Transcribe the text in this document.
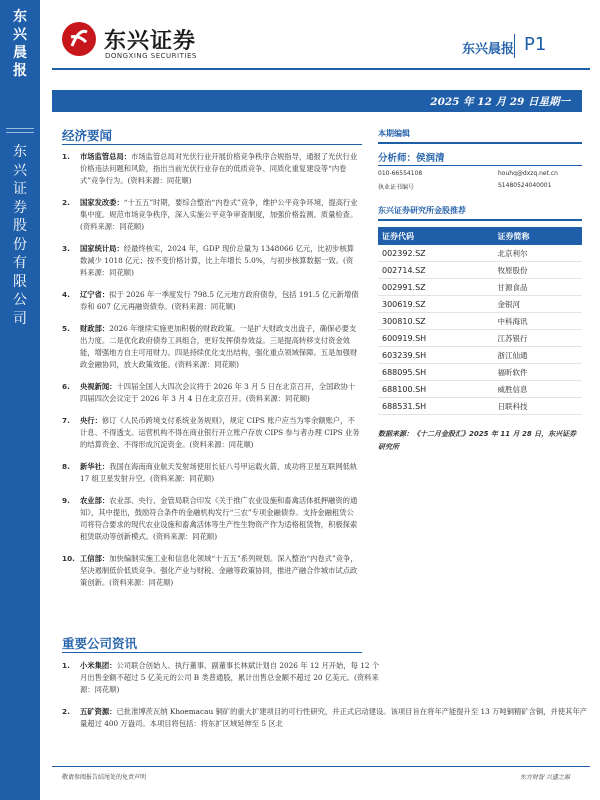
东
兴
晨
报
东
兴
证
券
股
份
有
限
公
司
东兴证券
DONGXING SECURITIES	东兴晨报 P1
2025 年 12 月 29 日星期一
经济要闻
1. 市场监管总局：市场监管总局对光伏行业开展价格竞争秩序合规指导，通报了光伏行业价格违法问题和风险，指出当前光伏行业存在的低质竞争、同质化重复建设等“内卷式”竞争行为。(资料来源：同花顺)
2. 国家发改委：“十五五”时期，要综合整治“内卷式”竞争，维护公平竞争环境，提高行业集中度。规范市场竞争秩序，深入实施公平竞争审查制度，加强价格监测、质量检查。(资料来源：同花顺)
3. 国家统计局：经最终核实，2024 年，GDP 现价总量为 1348066 亿元，比初步核算数减少 1018 亿元；按不变价格计算，比上年增长 5.0%，与初步核算数据一致。(资料来源：同花顺)
4. 辽宁省：拟于 2026 年一季度发行 798.5 亿元地方政府债券，包括 191.5 亿元新增债券和 607 亿元再融资债券。(资料来源：同花顺)
5. 财政部：2026 年继续实施更加积极的财政政策。一是扩大财政支出盘子，确保必要支出力度。二是优化政府债券工具组合，更好发挥债券效益。三是提高转移支付资金效能，增强地方自主可用财力。四是持续优化支出结构，强化重点领域保障。五是加强财政金融协同，放大政策效能。(资料来源：同花顺)
6. 央视新闻：十四届全国人大四次会议将于 2026 年 3 月 5 日在北京召开，全国政协十四届四次会议定于 2026 年 3 月 4 日在北京召开。(资料来源：同花顺)
7. 央行：修订《人民币跨境支付系统业务规则》，规定 CIPS 账户应当为零余额账户，不计息、不得透支。运营机构不得在商业银行开立账户存放 CIPS 参与者办理 CIPS 业务的结算资金、不得形成沉淀资金。(资料来源：同花顺)
8. 新华社：我国在海南商业航天发射场使用长征八号甲运载火箭，成功将卫星互联网低轨 17 组卫星发射升空。(资料来源：同花顺)
9. 农业部：农业部、央行、金管局联合印发《关于推广农业设施和畜禽活体抵押融资的通知》，其中提出，鼓励符合条件的金融机构发行“三农”专项金融债券。支持金融租赁公司将符合要求的现代农业设施和畜禽活体等生产性生物资产作为适格租赁物，积极探索租赁联动等创新模式。(资料来源：同花顺)
10. 工信部：加快编制实施工业和信息化领域“十五五”系列规划。深入整治“内卷式”竞争，坚决遏制低价低质竞争。强化产业与财税、金融等政策协同，推进产融合作城市试点政策创新。(资料来源：同花顺)
重要公司资讯
1. 小米集团：公司联合创始人、执行董事、副董事长林斌计划自 2026 年 12 月开始，每 12 个月出售金额不超过 5 亿美元的公司 B 类普通股，累计出售总金额不超过 20 亿美元。(资料来源：同花顺)
2. 五矿资源：已批准博茨瓦纳 Khoemacau 铜矿的重大扩建项目的可行性研究，并正式启动建设。该项目旨在将年产能提升至 13 万吨铜精矿含铜，并使其年产量超过 400 万盎司。本项目将包括：将东扩区域延伸至 5 区北
本期编辑
分析师：侯润清
010-66554108	houhq@dxzq.net.cn
执业证书编号	S1480524040001
东兴证券研究所金股推荐
证券代码	证券简称
002392.SZ	北京利尔
002714.SZ	牧原股份
002991.SZ	甘源食品
300619.SZ	金银河
300810.SZ	中科海讯
600919.SH	江苏银行
603239.SH	浙江仙通
688095.SH	福昕软件
688100.SH	威胜信息
688531.SH	日联科技
数据来源：《十二月金股汇》2025 年 11 月 28 日，东兴证券研究所
敬请参阅报告结尾处的免责声明	东方财智 兴盛之源
